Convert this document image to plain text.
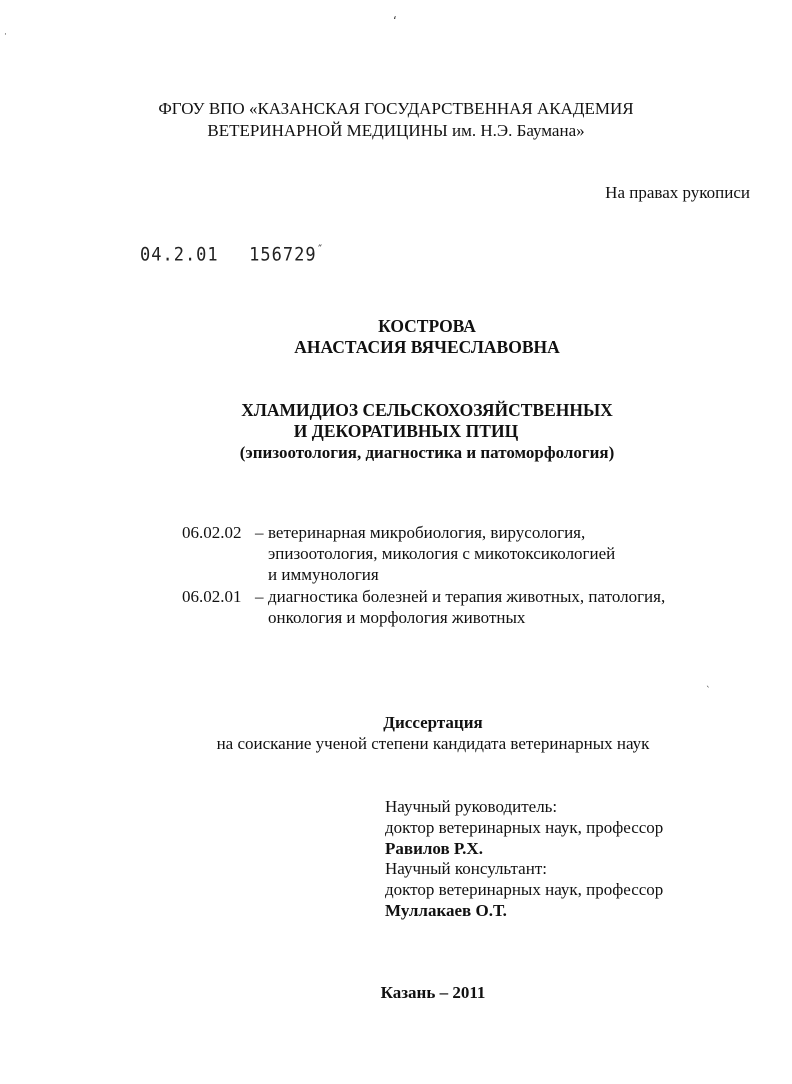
ʻ
·
ˋ
ФГОУ ВПО «КАЗАНСКАЯ ГОСУДАРСТВЕННАЯ АКАДЕМИЯ
ВЕТЕРИНАРНОЙ МЕДИЦИНЫ им. Н.Э. Баумана»
На правах рукописи
04.2.01 156729˝
КОСТРОВА
АНАСТАСИЯ ВЯЧЕСЛАВОВНА
ХЛАМИДИОЗ СЕЛЬСКОХОЗЯЙСТВЕННЫХ
И ДЕКОРАТИВНЫХ ПТИЦ
(эпизоотология, диагностика и патоморфология)
06.02.02 – ветеринарная микробиология, вирусология,
эпизоотология, микология с микотоксикологией
и иммунология
06.02.01 – диагностика болезней и терапия животных, патология,
онкология и морфология животных
Диссертация
на соискание ученой степени кандидата ветеринарных наук
Научный руководитель:
доктор ветеринарных наук, профессор
Равилов Р.Х.
Научный консультант:
доктор ветеринарных наук, профессор
Муллакаев О.Т.
Казань – 2011
